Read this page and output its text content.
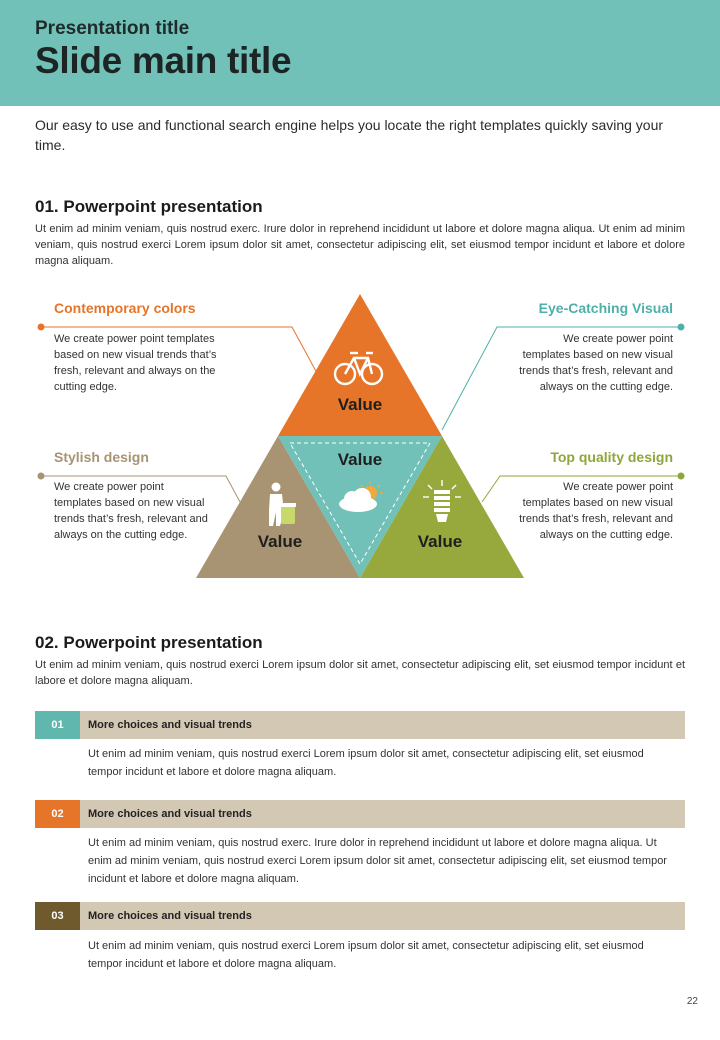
Presentation title
Slide main title
Our easy to use and functional search engine helps you locate the right templates quickly saving your time.
01. Powerpoint presentation
Ut enim ad minim veniam, quis nostrud exerc. Irure dolor in reprehend incididunt ut labore et dolore magna aliqua. Ut enim ad minim veniam, quis nostrud exerci Lorem ipsum dolor sit amet, consectetur adipiscing elit, set eiusmod tempor incidunt et labore et dolore magna aliquam.
Contemporary colors
We create power point templates based on new visual trends that’s fresh, relevant and always on the cutting edge.
Eye-Catching Visual
We create power point templates based on new visual trends that’s fresh, relevant and always on the cutting edge.
Stylish design
We create power point templates based on new visual trends that’s fresh, relevant and always on the cutting edge.
Top quality design
We create power point templates based on new visual trends that’s fresh, relevant and always on the cutting edge.
Value
Value
Value	Value
02. Powerpoint presentation
Ut enim ad minim veniam, quis nostrud exerci Lorem ipsum dolor sit amet, consectetur adipiscing elit, set eiusmod tempor incidunt et labore et dolore magna aliquam.
01	More choices and visual trends
Ut enim ad minim veniam, quis nostrud exerci Lorem ipsum dolor sit amet, consectetur adipiscing elit, set eiusmod tempor incidunt et labore et dolore magna aliquam.
02	More choices and visual trends
Ut enim ad minim veniam, quis nostrud exerc. Irure dolor in reprehend incididunt ut labore et dolore magna aliqua. Ut enim ad minim veniam, quis nostrud exerci Lorem ipsum dolor sit amet, consectetur adipiscing elit, set eiusmod tempor incidunt et labore et dolore magna aliquam.
03	More choices and visual trends
Ut enim ad minim veniam, quis nostrud exerci Lorem ipsum dolor sit amet, consectetur adipiscing elit, set eiusmod tempor incidunt et labore et dolore magna aliquam.
22
